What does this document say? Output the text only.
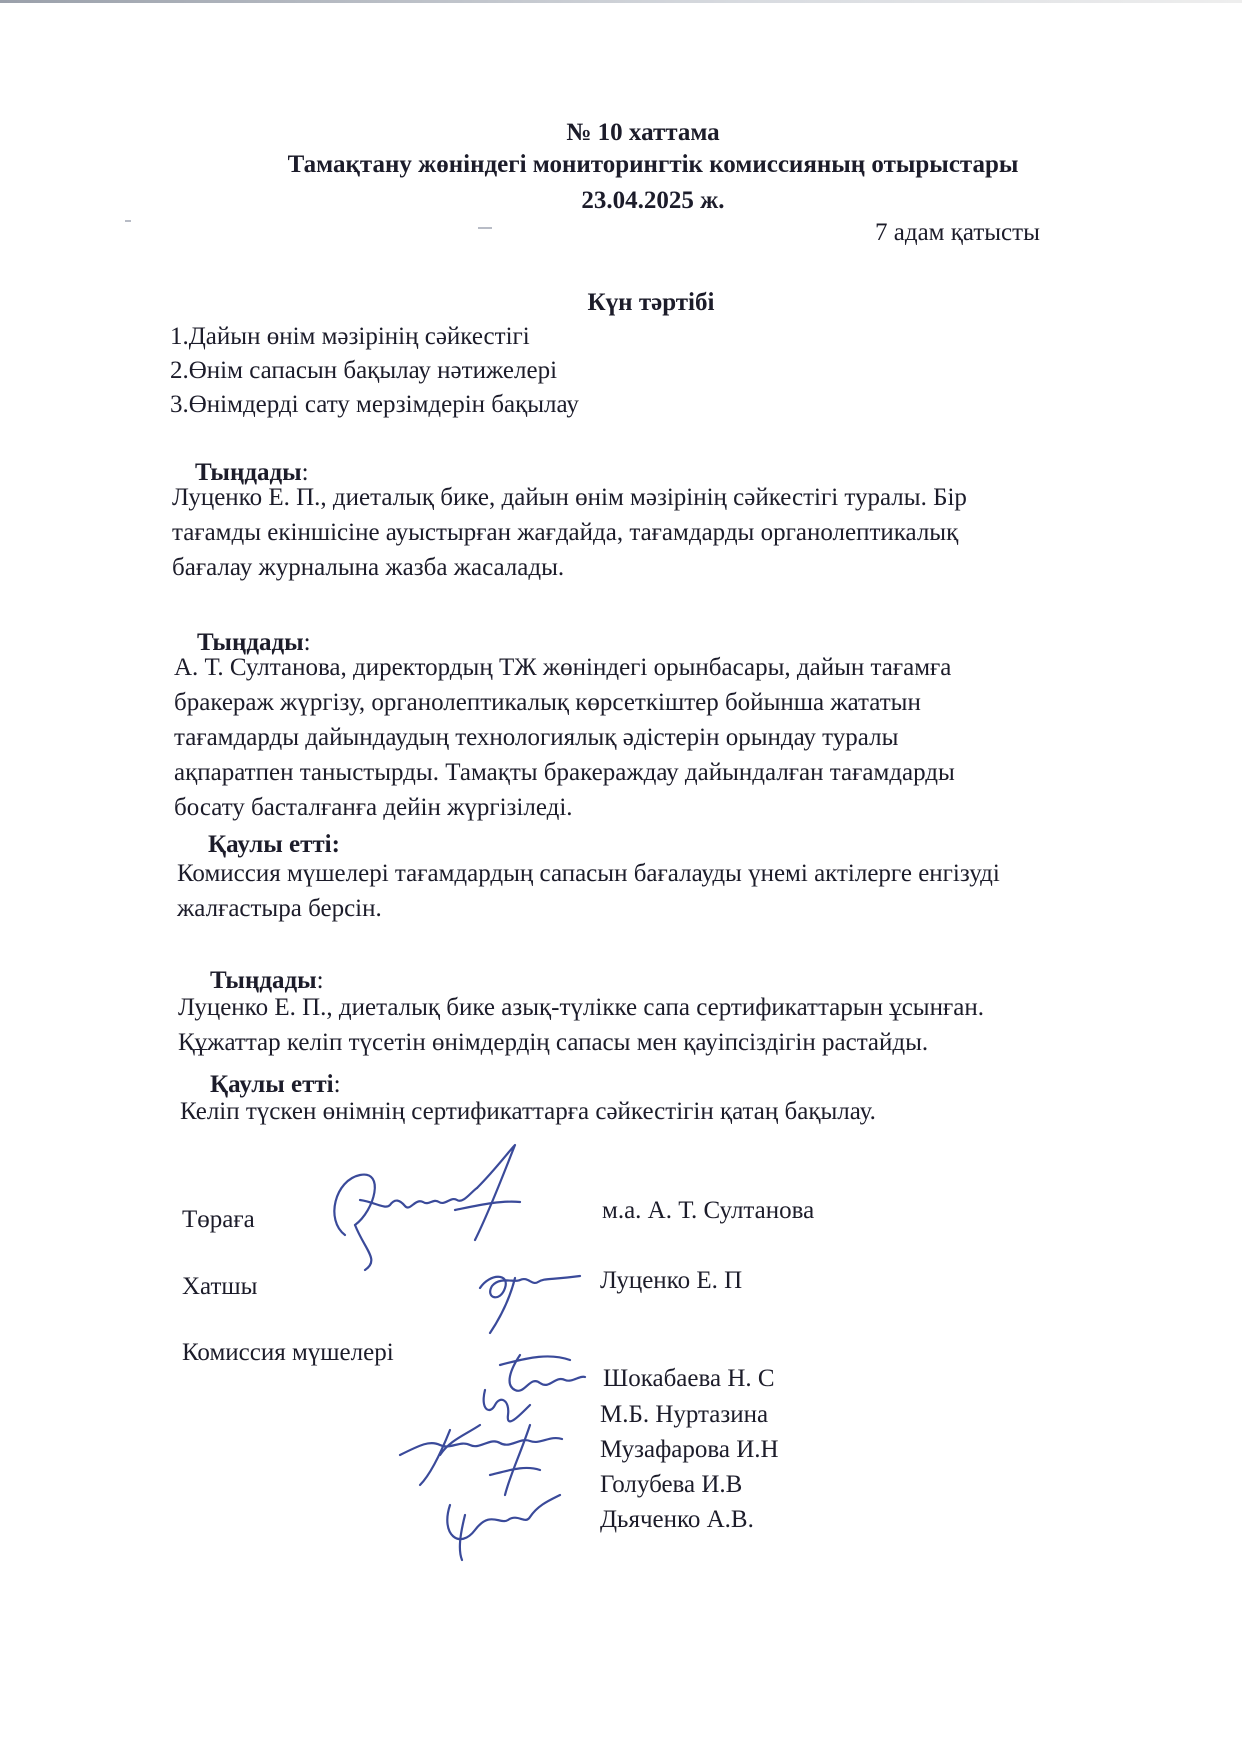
№ 10 хаттама
Тамақтану жөніндегі мониторингтік комиссияның отырыстары
23.04.2025 ж.
7 адам қатысты
Күн тәртібі
1.Дайын өнім мәзірінің сәйкестігі
2.Өнім сапасын бақылау нәтижелері
3.Өнімдерді сату мерзімдерін бақылау
Тыңдады:
Луценко Е. П., диеталық бике, дайын өнім мәзірінің сәйкестігі туралы. Бір
тағамды екіншісіне ауыстырған жағдайда, тағамдарды органолептикалық
бағалау журналына жазба жасалады.
Тыңдады:
А. Т. Султанова, директордың ТЖ жөніндегі орынбасары, дайын тағамға
бракераж жүргізу, органолептикалық көрсеткіштер бойынша жататын
тағамдарды дайындаудың технологиялық әдістерін орындау туралы
ақпаратпен таныстырды. Тамақты бракераждау дайындалған тағамдарды
босату басталғанға дейін жүргізіледі.
Қаулы етті:
Комиссия мүшелері тағамдардың сапасын бағалауды үнемі актілерге енгізуді
жалғастыра берсін.
Тыңдады:
Луценко Е. П., диеталық бике азық-түлікке сапа сертификаттарын ұсынған.
Құжаттар келіп түсетін өнімдердің сапасы мен қауіпсіздігін растайды.
Қаулы етті:
Келіп түскен өнімнің сертификаттарға сәйкестігін қатаң бақылау.
Төраға	м.а. А. Т. Султанова
Хатшы	Луценко Е. П
Комиссия мүшелері
Шокабаева Н. С
М.Б. Нуртазина
Музафарова И.Н
Голубева И.В
Дьяченко А.В.
